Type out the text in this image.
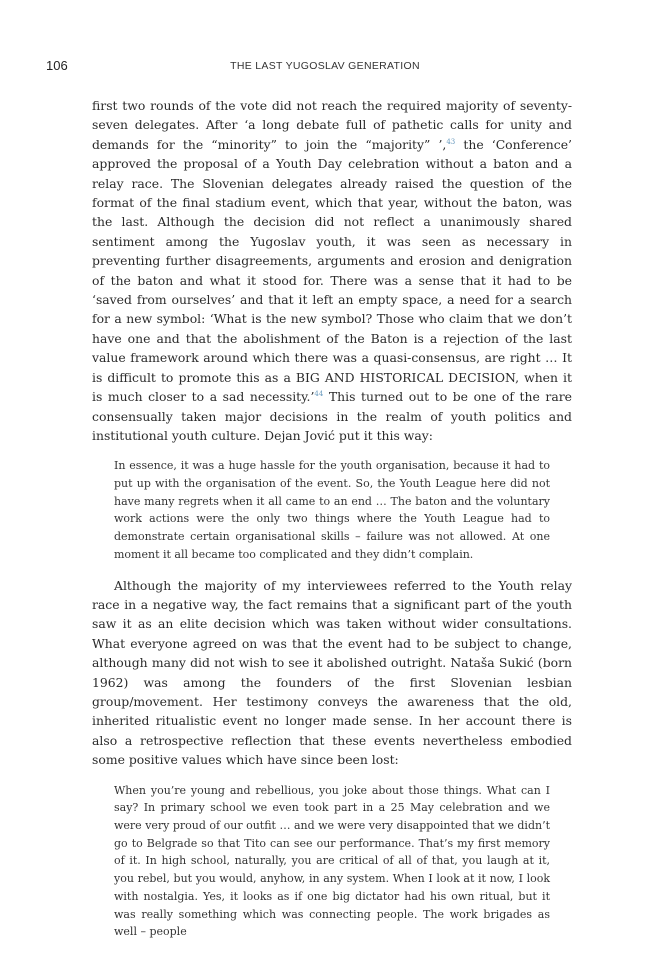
106	THE LAST YUGOSLAV GENERATION

first two rounds of the vote did not reach the required majority of seventy-seven delegates. After ‘a long debate full of pathetic calls for unity and demands for the “minority” to join the “majority” ’,$^{43}$ the ‘Conference’ approved the proposal of a Youth Day celebration without a baton and a relay race. The Slovenian delegates already raised the question of the format of the final stadium event, which that year, without the baton, was the last. Although the decision did not reflect a unanimously shared sentiment among the Yugoslav youth, it was seen as necessary in preventing further disagreements, arguments and erosion and denigration of the baton and what it stood for. There was a sense that it had to be ‘saved from ourselves’ and that it left an empty space, a need for a search for a new symbol: ‘What is the new symbol? Those who claim that we don’t have one and that the abolishment of the Baton is a rejection of the last value framework around which there was a quasi-consensus, are right … It is difficult to promote this as a BIG AND HISTORICAL DECISION, when it is much closer to a sad necessity.’$^{44}$ This turned out to be one of the rare consensually taken major decisions in the realm of youth politics and institutional youth culture. Dejan Jović put it this way:

In essence, it was a huge hassle for the youth organisation, because it had to put up with the organisation of the event. So, the Youth League here did not have many regrets when it all came to an end … The baton and the voluntary work actions were the only two things where the Youth League had to demonstrate certain organisational skills – failure was not allowed. At one moment it all became too complicated and they didn’t complain.

Although the majority of my interviewees referred to the Youth relay race in a negative way, the fact remains that a significant part of the youth saw it as an elite decision which was taken without wider consultations. What everyone agreed on was that the event had to be subject to change, although many did not wish to see it abolished outright. Nataša Sukić (born 1962) was among the founders of the first Slovenian lesbian group/movement. Her testimony conveys the awareness that the old, inherited ritualistic event no longer made sense. In her account there is also a retrospective reflection that these events nevertheless embodied some positive values which have since been lost:

When you’re young and rebellious, you joke about those things. What can I say? In primary school we even took part in a 25 May celebration and we were very proud of our outfit … and we were very disappointed that we didn’t go to Belgrade so that Tito can see our performance. That’s my first memory of it. In high school, naturally, you are critical of all of that, you laugh at it, you rebel, but you would, anyhow, in any system. When I look at it now, I look with nostalgia. Yes, it looks as if one big dictator had his own ritual, but it was really something which was connecting people. The work brigades as well – people
